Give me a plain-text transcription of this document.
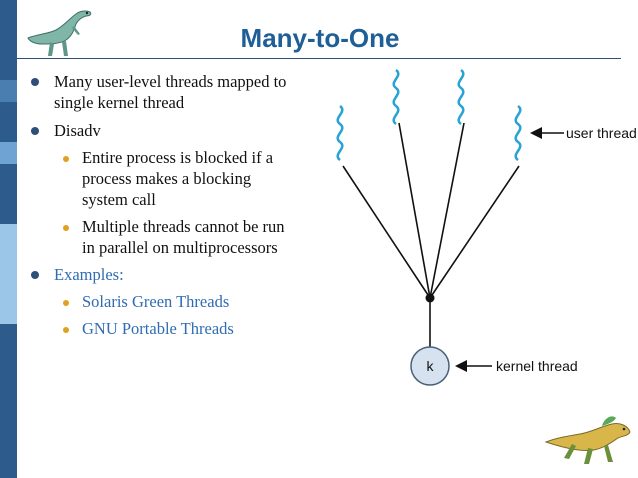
Many-to-One
Many user-level threads mapped to
single kernel thread
Disadv
Entire process is blocked if a
process makes a blocking
system call
Multiple threads cannot be run
in parallel on multiprocessors
Examples:
Solaris Green Threads
GNU Portable Threads
k
user thread
kernel thread
